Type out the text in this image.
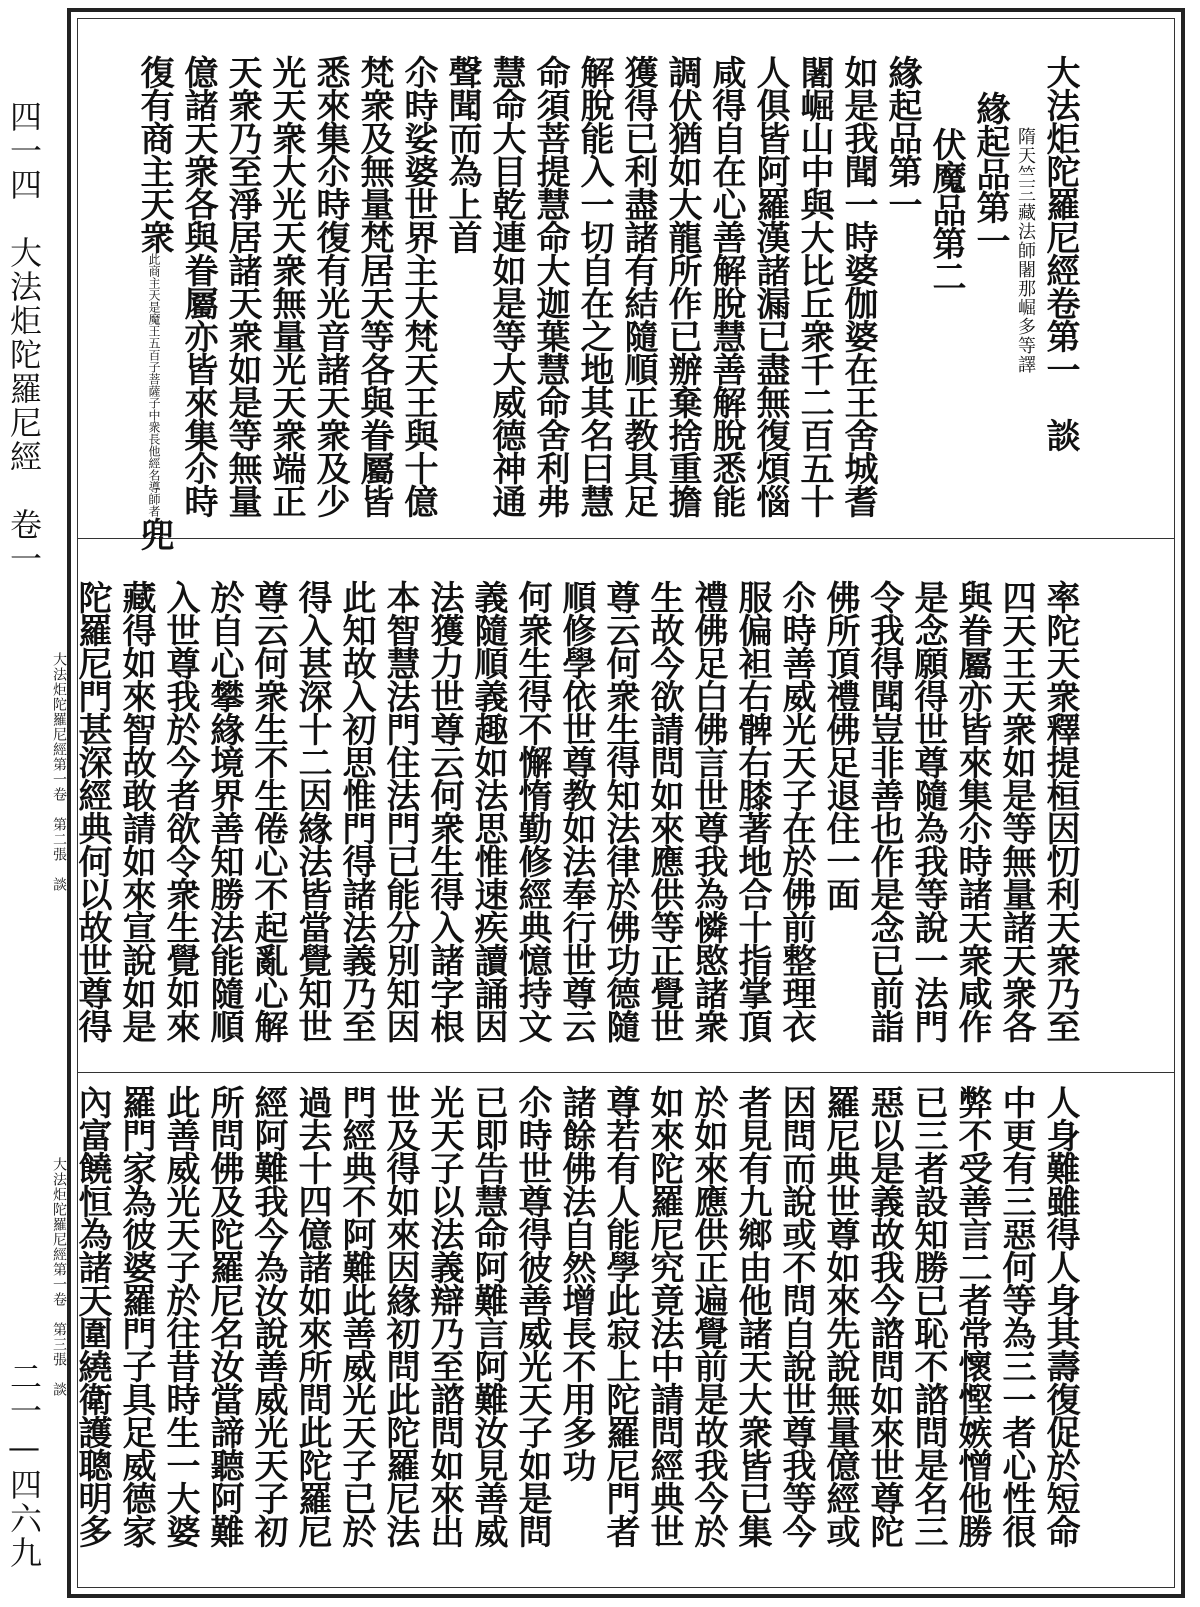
四一四　大法炬陀羅尼經　卷一
二一—四六九
大法炬陀羅尼經卷第一　談
隋天竺三藏法師闍那崛多等譯
緣起品第一
伏魔品第二
緣起品第一
如是我聞一時婆伽婆在王舍城耆
闍崛山中與大比丘衆千二百五十
人俱皆阿羅漢諸漏已盡無復煩惱
咸得自在心善解脫慧善解脫悉能
調伏猶如大龍所作已辦棄捨重擔
獲得已利盡諸有結隨順正教具足
解脫能入一切自在之地其名曰慧
命須菩提慧命大迦葉慧命舍利弗
慧命大目乾連如是等大威德神通
聲聞而為上首
尒時娑婆世界主大梵天王與十億
梵衆及無量梵居天等各與眷屬皆
悉來集尒時復有光音諸天衆及少
光天衆大光天衆無量光天衆端正
天衆乃至淨居諸天衆如是等無量
億諸天衆各與眷屬亦皆來集尒時
復有商主天衆此商主天是魔王五百子菩薩子中衆長他經名導師者兜
率陀天衆釋提桓因忉利天衆乃至
四天王天衆如是等無量諸天衆各
與眷屬亦皆來集尒時諸天衆咸作
是念願得世尊隨為我等說一法門
令我得聞豈非善也作是念已前詣
佛所頂禮佛足退住一面
尒時善威光天子在於佛前整理衣
服偏袒右髀右膝著地合十指掌頂
禮佛足白佛言世尊我為憐愍諸衆
生故今欲請問如來應供等正覺世
尊云何衆生得知法律於佛功德隨
順修學依世尊教如法奉行世尊云
何衆生得不懈惰勤修經典憶持文
義隨順義趣如法思惟速疾讀誦因
法獲力世尊云何衆生得入諸字根
本智慧法門住法門已能分別知因
此知故入初思惟門得諸法義乃至
得入甚深十二因緣法皆當覺知世
尊云何衆生不生倦心不起亂心解
於自心攀緣境界善知勝法能隨順
入世尊我於今者欲令衆生覺如來
藏得如來智故敢請如來宣說如是
陀羅尼門甚深經典何以故世尊得
大法炬陀羅尼經第一卷　第二張　談
人身難雖得人身其壽復促於短命
中更有三惡何等為三一者心性很
弊不受善言二者常懷慳嫉憎他勝
已三者設知勝已恥不諮問是名三
惡以是義故我今諮問如來世尊陀
羅尼典世尊如來先說無量億經或
因問而說或不問自說世尊我等今
者見有九鄉由他諸天大衆皆已集
於如來應供正遍覺前是故我今於
如來陀羅尼究竟法中請問經典世
尊若有人能學此寂上陀羅尼門者
諸餘佛法自然增長不用多功
尒時世尊得彼善威光天子如是問
已即告慧命阿難言阿難汝見善威
光天子以法義辯乃至諮問如來出
世及得如來因緣初問此陀羅尼法
門經典不阿難此善威光天子已於
過去十四億諸如來所問此陀羅尼
經阿難我今為汝說善威光天子初
所問佛及陀羅尼名汝當諦聽阿難
此善威光天子於往昔時生一大婆
羅門家為彼婆羅門子具足威德家
內富饒恒為諸天圍繞衛護聰明多
大法炬陀羅尼經第一卷　第三張　談
